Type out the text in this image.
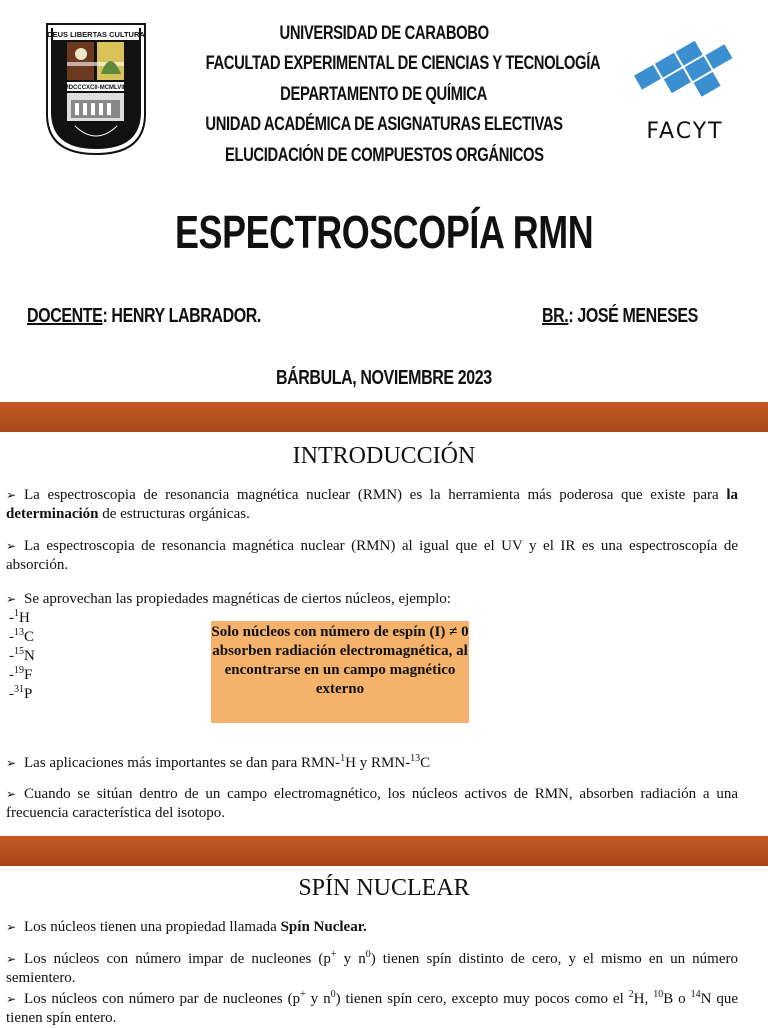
DEUS LIBERTAS CULTURA
MDCCCXCII-MCMLVIII
FACYT
UNIVERSIDAD DE CARABOBO
FACULTAD EXPERIMENTAL DE CIENCIAS Y TECNOLOGÍA
DEPARTAMENTO DE QUÍMICA
UNIDAD ACADÉMICA DE ASIGNATURAS ELECTIVAS
ELUCIDACIÓN DE COMPUESTOS ORGÁNICOS
ESPECTROSCOPÍA RMN
DOCENTE: HENRY LABRADOR.	BR.: JOSÉ MENESES
BÁRBULA, NOVIEMBRE 2023
INTRODUCCIÓN
➢ La espectroscopia de resonancia magnética nuclear (RMN) es la herramienta más poderosa que existe para la determinación de estructuras orgánicas.
➢ La espectroscopia de resonancia magnética nuclear (RMN) al igual que el UV y el IR es una espectroscopía de absorción.
➢ Se aprovechan las propiedades magnéticas de ciertos núcleos, ejemplo:
-$^1$H
-$^{13}$C
-$^{15}$N
-$^{19}$F
-$^{31}$P
Solo núcleos con número de espín (I) ≠ 0 absorben radiación electromagnética, al encontrarse en un campo magnético externo
➢ Las aplicaciones más importantes se dan para RMN-$^1$H y RMN-$^{13}$C
➢ Cuando se sitúan dentro de un campo electromagnético, los núcleos activos de RMN, absorben radiación a una frecuencia característica del isotopo.
SPÍN NUCLEAR
➢ Los núcleos tienen una propiedad llamada Spín Nuclear.
➢ Los núcleos con número impar de nucleones (p+ y $n^0$) tienen spín distinto de cero, y el mismo en un número semientero.
➢ Los núcleos con número par de nucleones (p+ y $n^0$) tienen spín cero, excepto muy pocos como el $^2$H, $^{10}$B o $^{14}$N que tienen spín entero.
